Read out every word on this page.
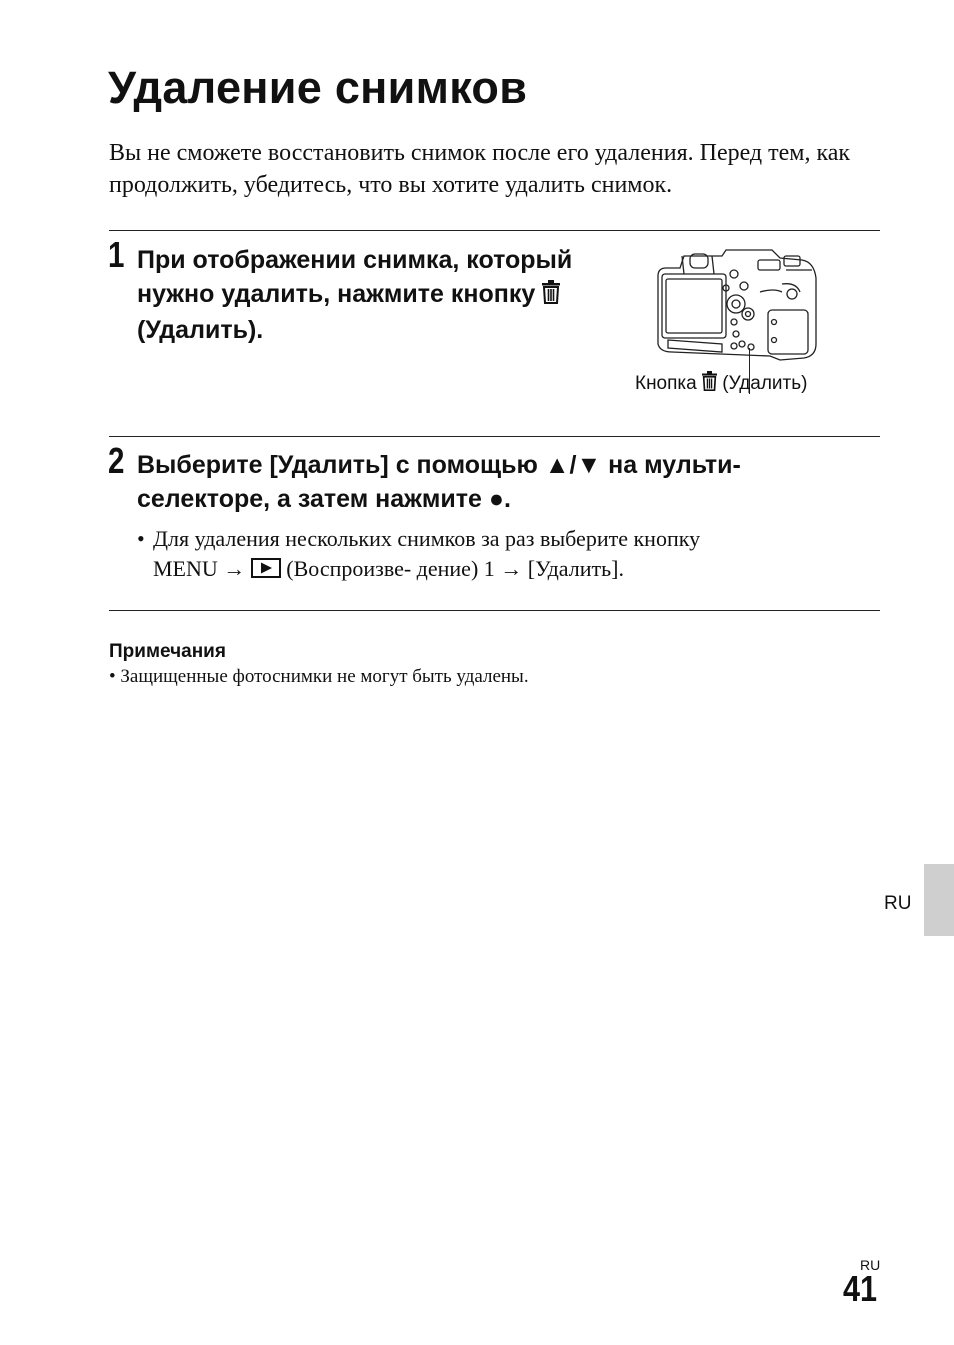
Удаление снимков

Вы не сможете восстановить снимок после его удаления. Перед тем, как продолжить, убедитесь, что вы хотите удалить снимок.

1 При отображении снимка, который нужно удалить, нажмите кнопку
(Удалить).

Кнопка (Удалить)
2 Выберите [Удалить] с помощью ▲/▼ на мульти-
селекторе, а затем нажмите ●.

• Для удаления нескольких снимков за раз выберите кнопку
MENU → (Воспроизве- дение) 1 → [Удалить].

Примечания
• Защищенные фотоснимки не могут быть удалены.
RU
RU
41
